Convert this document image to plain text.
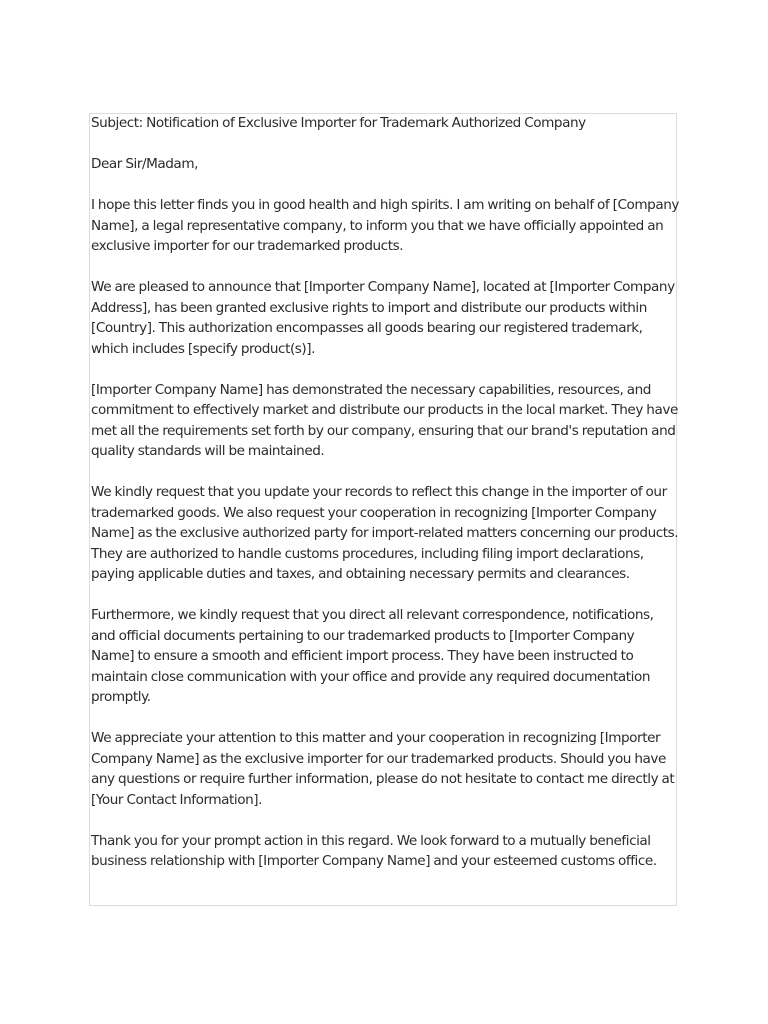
Subject: Notification of Exclusive Importer for Trademark Authorized Company

Dear Sir/Madam,

I hope this letter finds you in good health and high spirits. I am writing on behalf of [Company Name], a legal representative company, to inform you that we have officially appointed an exclusive importer for our trademarked products.

We are pleased to announce that [Importer Company Name], located at [Importer Company Address], has been granted exclusive rights to import and distribute our products within [Country]. This authorization encompasses all goods bearing our registered trademark, which includes [specify product(s)].

[Importer Company Name] has demonstrated the necessary capabilities, resources, and commitment to effectively market and distribute our products in the local market. They have met all the requirements set forth by our company, ensuring that our brand's reputation and quality standards will be maintained.

We kindly request that you update your records to reflect this change in the importer of our trademarked goods. We also request your cooperation in recognizing [Importer Company Name] as the exclusive authorized party for import-related matters concerning our products. They are authorized to handle customs procedures, including filing import declarations, paying applicable duties and taxes, and obtaining necessary permits and clearances.

Furthermore, we kindly request that you direct all relevant correspondence, notifications, and official documents pertaining to our trademarked products to [Importer Company Name] to ensure a smooth and efficient import process. They have been instructed to maintain close communication with your office and provide any required documentation promptly.

We appreciate your attention to this matter and your cooperation in recognizing [Importer Company Name] as the exclusive importer for our trademarked products. Should you have any questions or require further information, please do not hesitate to contact me directly at [Your Contact Information].

Thank you for your prompt action in this regard. We look forward to a mutually beneficial business relationship with [Importer Company Name] and your esteemed customs office.
